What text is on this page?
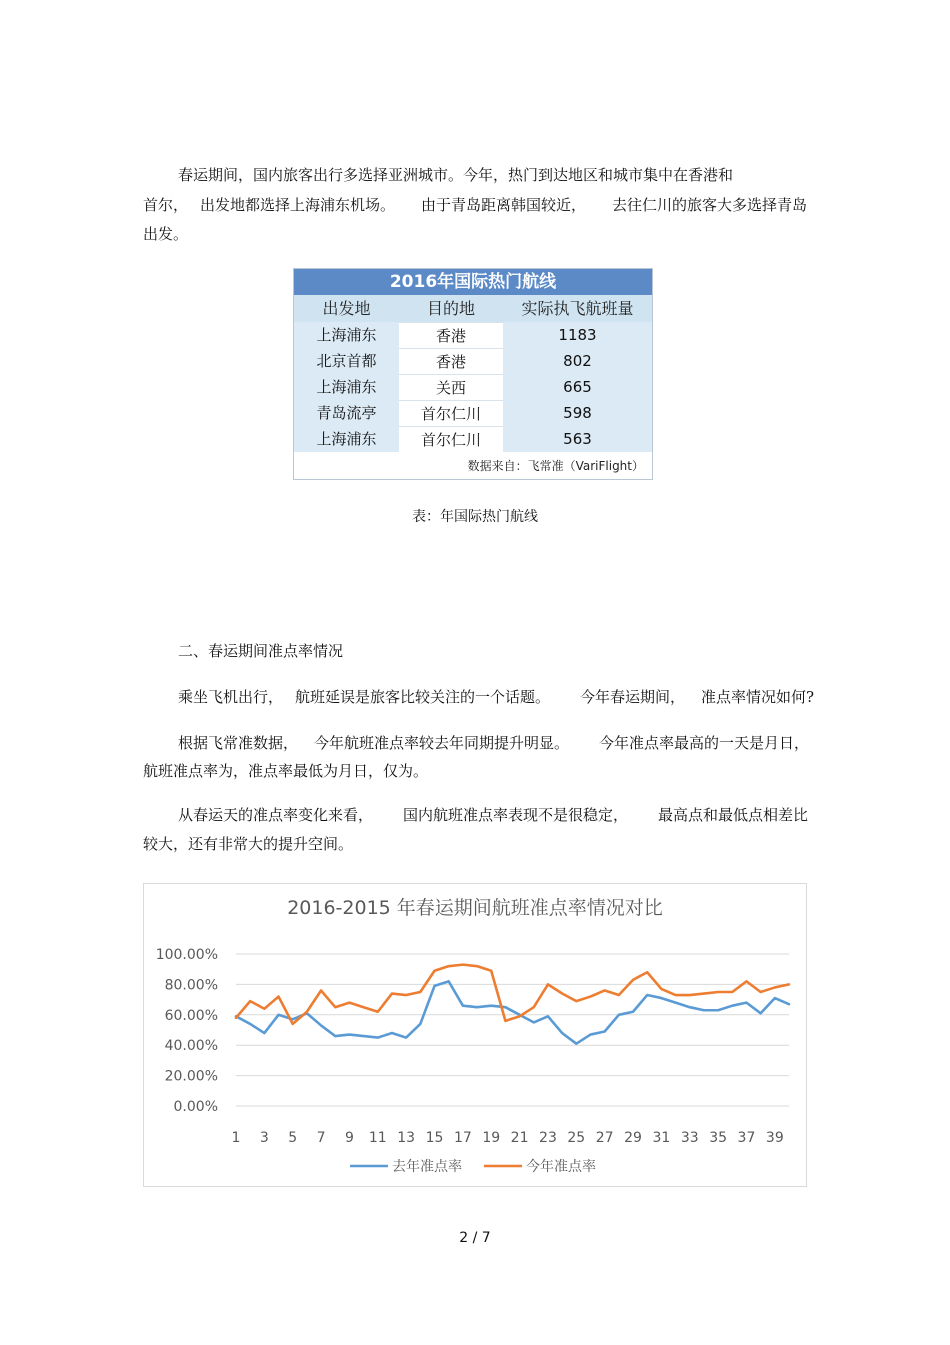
春运期间，国内旅客出行多选择亚洲城市。今年，热门到达地区和城市集中在香港和
首尔， 出发地都选择上海浦东机场。 由于青岛距离韩国较近， 去往仁川的旅客大多选择青岛
出发。
2016年国际热门航线
出发地	目的地	实际执飞航班量
上海浦东	香港	1183
北京首都	香港	802
上海浦东	关西	665
青岛流亭	首尔仁川	598
上海浦东	首尔仁川	563
数据来自：飞常准（VariFlight）
表：年国际热门航线
二、春运期间准点率情况
乘坐飞机出行， 航班延误是旅客比较关注的一个话题。 今年春运期间， 准点率情况如何?
根据飞常准数据， 今年航班准点率较去年同期提升明显。 今年准点率最高的一天是月日，
航班准点率为，准点率最低为月日，仅为。
从春运天的准点率变化来看， 国内航班准点率表现不是很稳定， 最高点和最低点相差比
较大，还有非常大的提升空间。
2016-2015 年春运期间航班准点率情况对比
0.00%
20.00%
40.00%
60.00%
80.00%
100.00%
1 3 5 7 9 11 13 15 17 19 21 23 25 27 29 31 33 35 37 39
去年准点率	今年准点率
2 / 7
